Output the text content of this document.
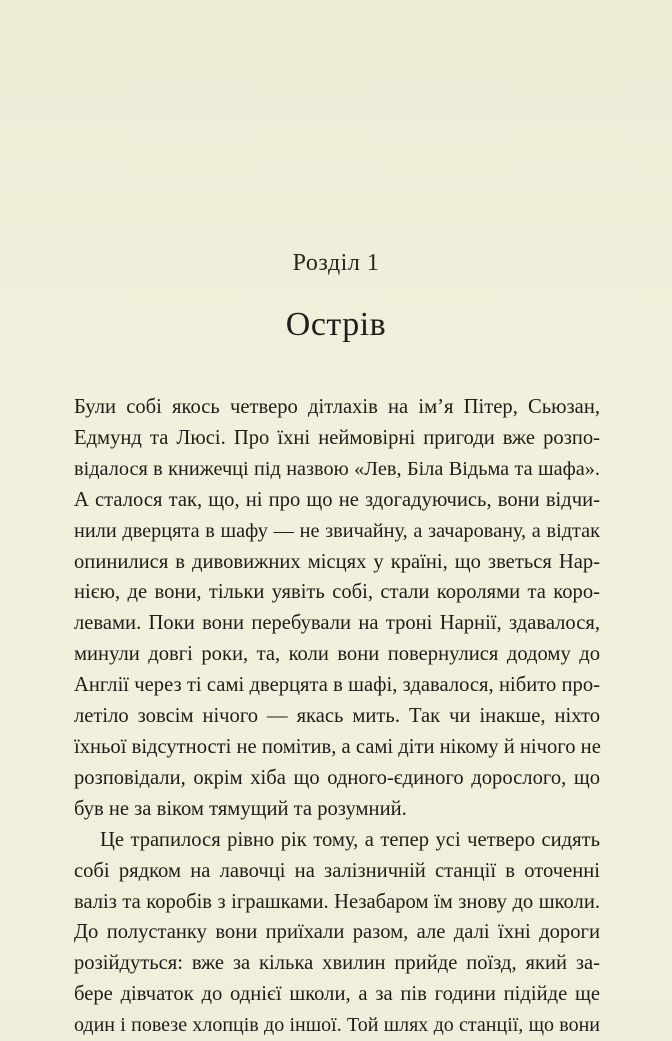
Розділ 1
Острів
Були собі якось четверо дітлахів на ім’я Пітер, Сьюзан,
Едмунд та Люсі. Про їхні неймовірні пригоди вже розпо-
відалося в книжечці під назвою «Лев, Біла Відьма та шафа».
А сталося так, що, ні про що не здогадуючись, вони відчи-
нили дверцята в шафу — не звичайну, а зачаровану, а відтак
опинилися в дивовижних місцях у країні, що зветься Нар-
нією, де вони, тільки уявіть собі, стали королями та коро-
левами. Поки вони перебували на троні Нарнії, здавалося,
минули довгі роки, та, коли вони повернулися додому до
Англії через ті самі дверцята в шафі, здавалося, нібито про-
летіло зовсім нічого — якась мить. Так чи інакше, ніхто
їхньої відсутності не помітив, а самі діти нікому й нічого не
розповідали, окрім хіба що одного-єдиного дорослого, що
був не за віком тямущий та розумний.
Це трапилося рівно рік тому, а тепер усі четверо сидять
собі рядком на лавочці на залізничній станції в оточенні
валіз та коробів з іграшками. Незабаром їм знову до школи.
До полустанку вони приїхали разом, але далі їхні дороги
розійдуться: вже за кілька хвилин прийде поїзд, який за-
бере дівчаток до однієї школи, а за пів години підійде ще
один і повезе хлопців до іншої. Той шлях до станції, що вони
